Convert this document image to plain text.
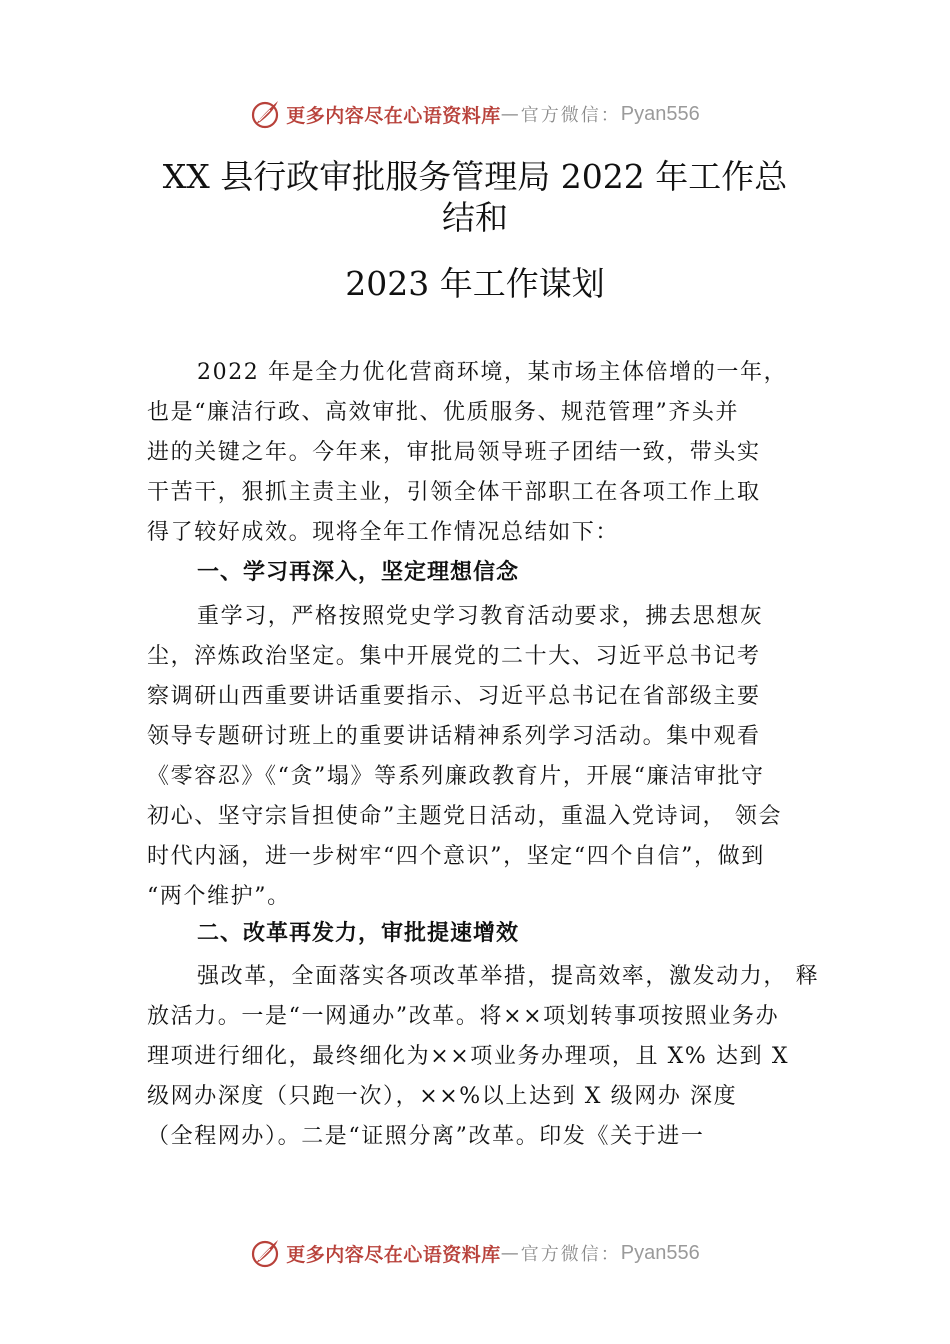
更多内容尽在心语资料库 — 官方微信： Pyan556
XX 县行政审批服务管理局 2022 年工作总
结和
2023 年工作谋划
2022 年是全力优化营商环境，某市场主体倍增的一年，
也是“廉洁行政、高效审批、优质服务、规范管理”齐头并
进的关键之年。今年来，审批局领导班子团结一致，带头实
干苦干，狠抓主责主业，引领全体干部职工在各项工作上取
得了较好成效。现将全年工作情况总结如下：
一、学习再深入，坚定理想信念
重学习，严格按照党史学习教育活动要求，拂去思想灰
尘，淬炼政治坚定。集中开展党的二十大、习近平总书记考
察调研山西重要讲话重要指示、习近平总书记在省部级主要
领导专题研讨班上的重要讲话精神系列学习活动。集中观看
《零容忍》《“贪”塌》等系列廉政教育片，开展“廉洁审批守
初心、坚守宗旨担使命”主题党日活动，重温入党诗词， 领会
时代内涵，进一步树牢“四个意识”，坚定“四个自信”，做到
“两个维护”。
二、改革再发力，审批提速增效
强改革，全面落实各项改革举措，提高效率，激发动力， 释
放活力。一是“一网通办”改革。将××项划转事项按照业务办
理项进行细化，最终细化为××项业务办理项，且 X% 达到 X
级网办深度（只跑一次），××%以上达到 X 级网办 深度
（全程网办）。二是“证照分离”改革。印发《关于进一
更多内容尽在心语资料库 — 官方微信： Pyan556
